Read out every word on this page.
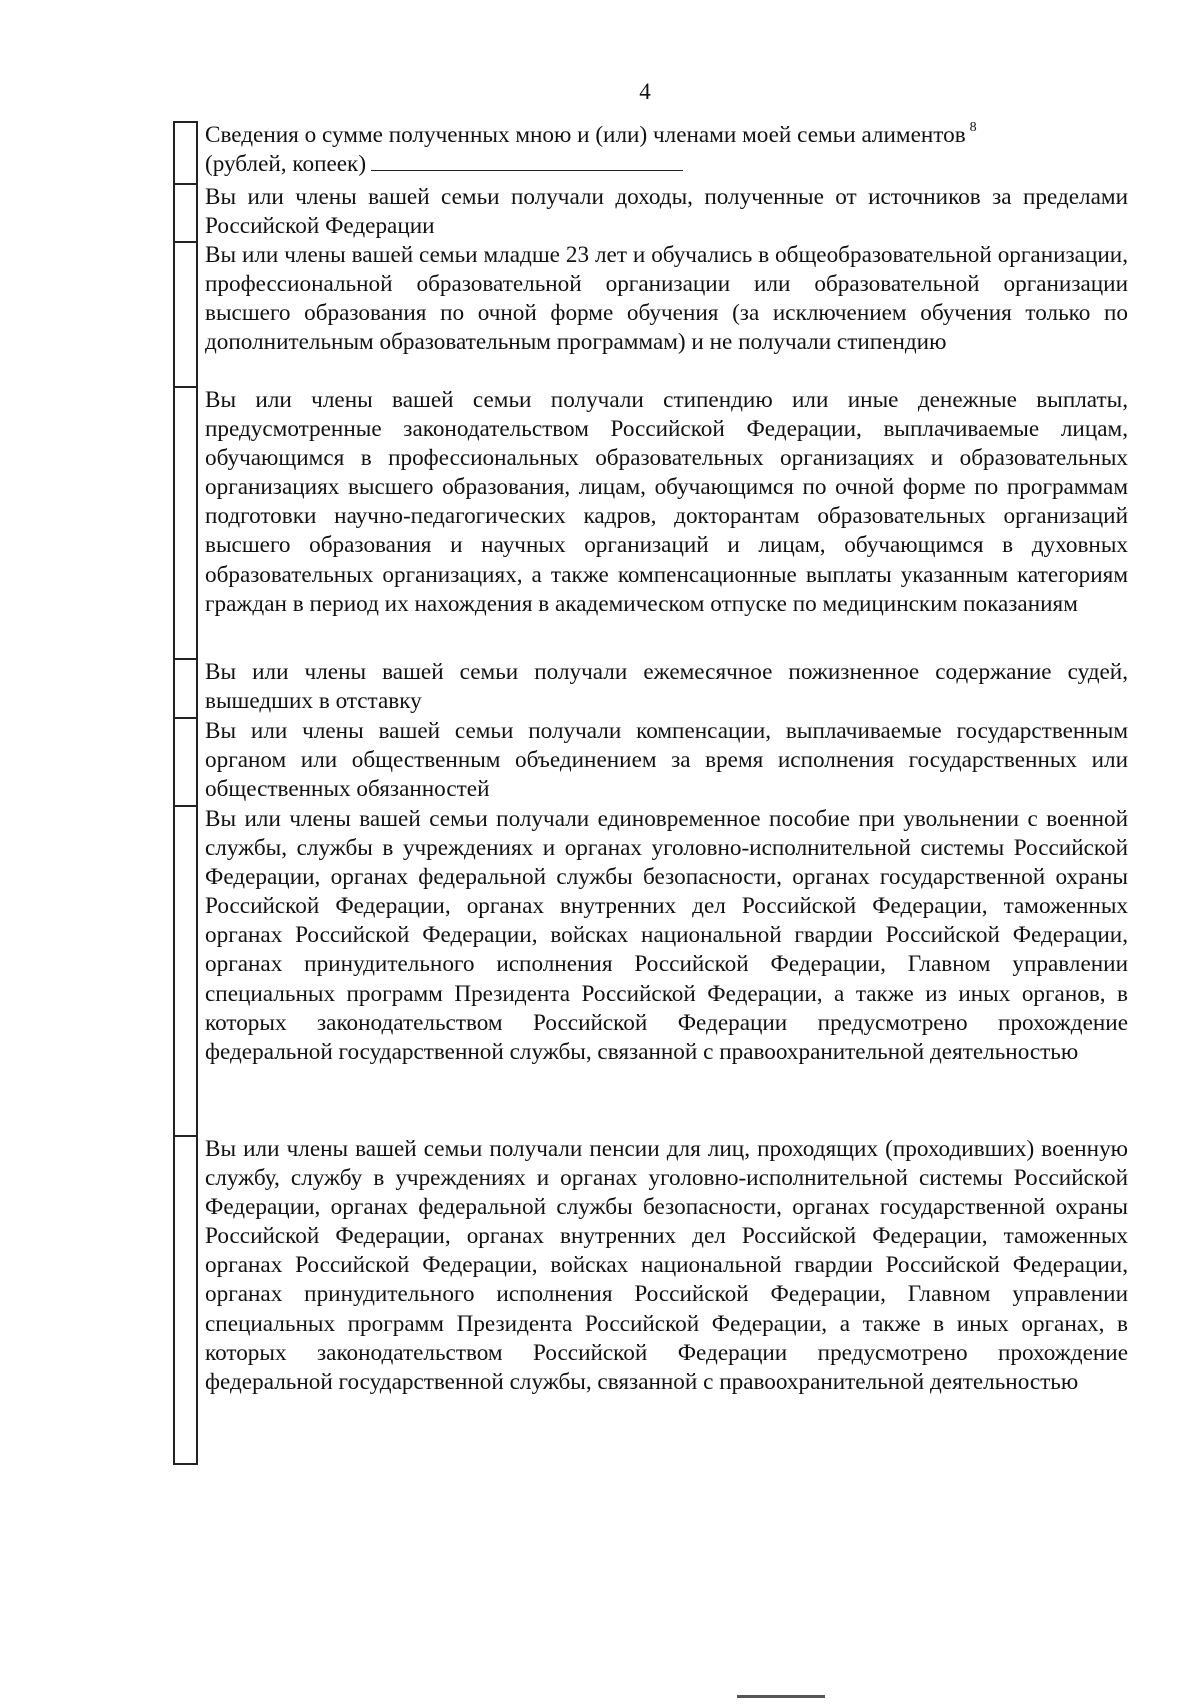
4
Сведения о сумме полученных мною и (или) членами моей семьи алиментов $^8$
(рублей, копеек)
Вы или члены вашей семьи получали доходы, полученные от источников за пределами Российской Федерации
Вы или члены вашей семьи младше 23 лет и обучались в общеобразовательной организации, профессиональной образовательной организации или образовательной организации высшего образования по очной форме обучения (за исключением обучения только по дополнительным образовательным программам) и не получали стипендию
Вы или члены вашей семьи получали стипендию или иные денежные выплаты, предусмотренные законодательством Российской Федерации, выплачиваемые лицам, обучающимся в профессиональных образовательных организациях и образовательных организациях высшего образования, лицам, обучающимся по очной форме по программам подготовки научно-педагогических кадров, докторантам образовательных организаций высшего образования и научных организаций и лицам, обучающимся в духовных образовательных организациях, а также компенсационные выплаты указанным категориям граждан в период их нахождения в академическом отпуске по медицинским показаниям
Вы или члены вашей семьи получали ежемесячное пожизненное содержание судей, вышедших в отставку
Вы или члены вашей семьи получали компенсации, выплачиваемые государственным органом или общественным объединением за время исполнения государственных или общественных обязанностей
Вы или члены вашей семьи получали единовременное пособие при увольнении с военной службы, службы в учреждениях и органах уголовно-исполнительной системы Российской Федерации, органах федеральной службы безопасности, органах государственной охраны Российской Федерации, органах внутренних дел Российской Федерации, таможенных органах Российской Федерации, войсках национальной гвардии Российской Федерации, органах принудительного исполнения Российской Федерации, Главном управлении специальных программ Президента Российской Федерации, а также из иных органов, в которых законодательством Российской Федерации предусмотрено прохождение федеральной государственной службы, связанной с правоохранительной деятельностью
Вы или члены вашей семьи получали пенсии для лиц, проходящих (проходивших) военную службу, службу в учреждениях и органах уголовно-исполнительной системы Российской Федерации, органах федеральной службы безопасности, органах государственной охраны Российской Федерации, органах внутренних дел Российской Федерации, таможенных органах Российской Федерации, войсках национальной гвардии Российской Федерации, органах принудительного исполнения Российской Федерации, Главном управлении специальных программ Президента Российской Федерации, а также в иных органах, в которых законодательством Российской Федерации предусмотрено прохождение федеральной государственной службы, связанной с правоохранительной деятельностью
